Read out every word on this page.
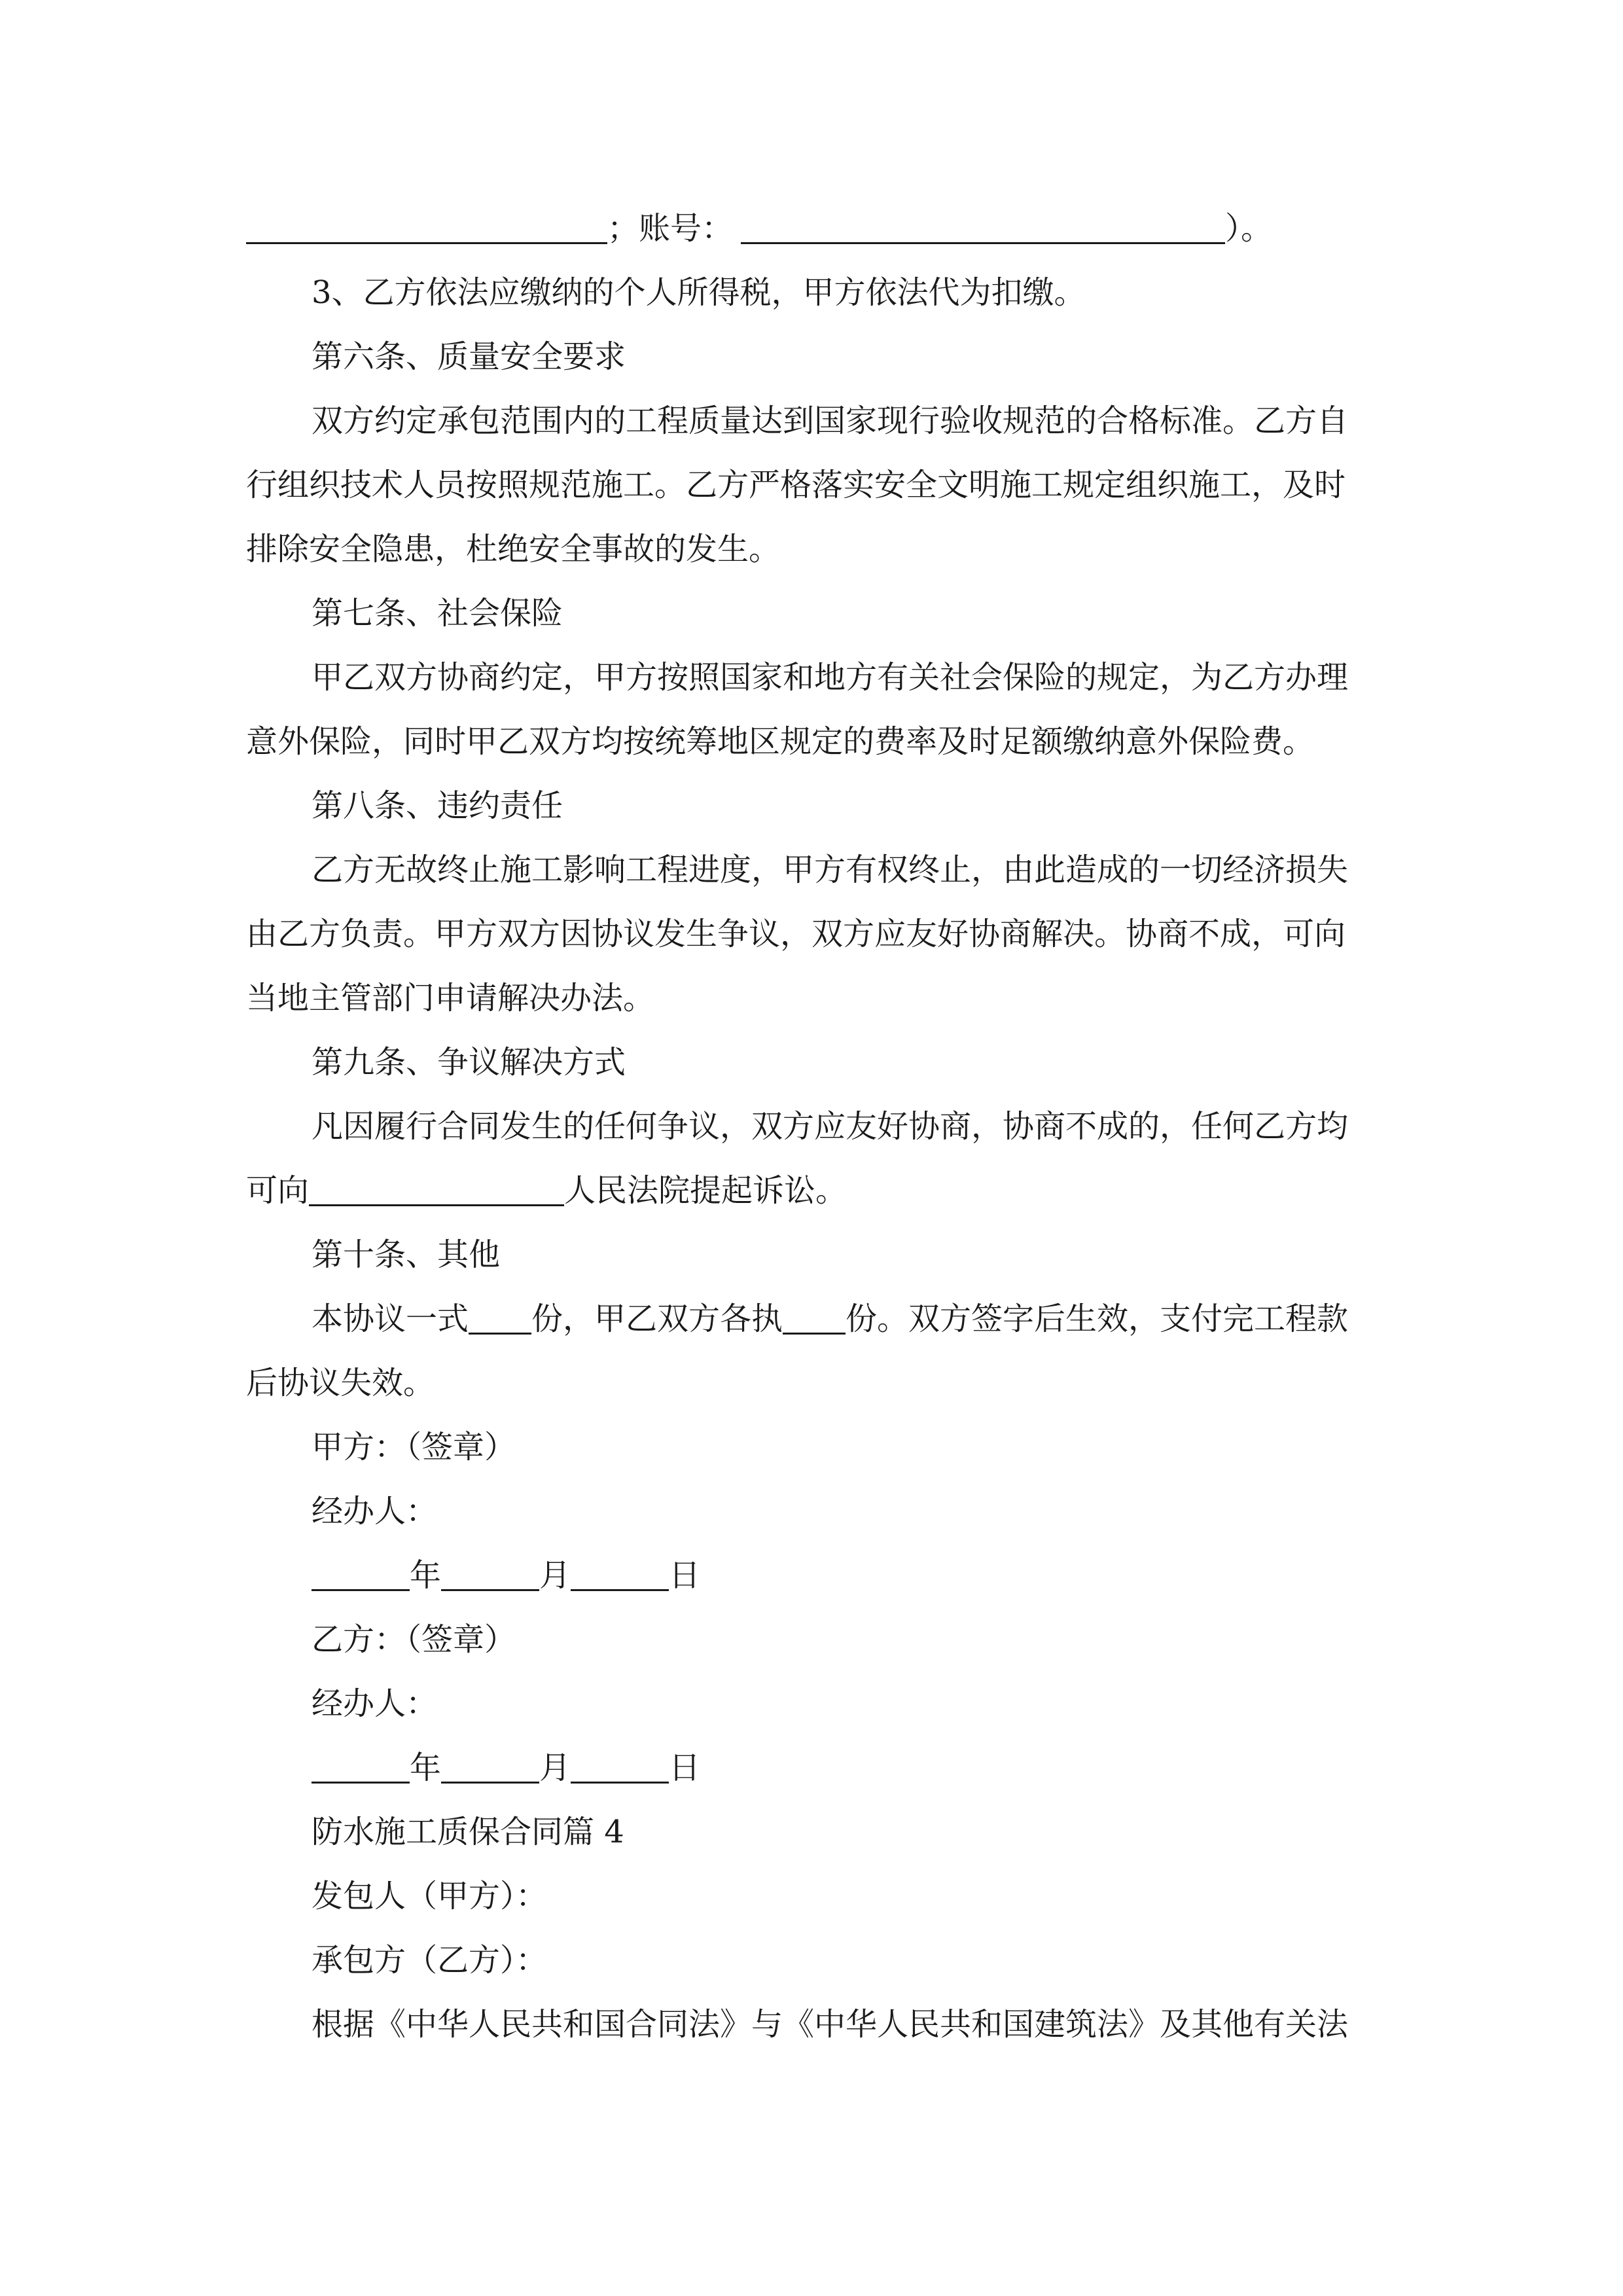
；账号：	）。
3、乙方依法应缴纳的个人所得税，甲方依法代为扣缴。
第六条、质量安全要求
双方约定承包范围内的工程质量达到国家现行验收规范的合格标准。乙方自
行组织技术人员按照规范施工。乙方严格落实安全文明施工规定组织施工，及时
排除安全隐患，杜绝安全事故的发生。
第七条、社会保险
甲乙双方协商约定，甲方按照国家和地方有关社会保险的规定，为乙方办理
意外保险，同时甲乙双方均按统筹地区规定的费率及时足额缴纳意外保险费。
第八条、违约责任
乙方无故终止施工影响工程进度，甲方有权终止，由此造成的一切经济损失
由乙方负责。甲方双方因协议发生争议，双方应友好协商解决。协商不成，可向
当地主管部门申请解决办法。
第九条、争议解决方式
凡因履行合同发生的任何争议，双方应友好协商，协商不成的，任何乙方均
可向	人民法院提起诉讼。
第十条、其他
本协议一式 份，甲乙双方各执 份。双方签字后生效，支付完工程款
后协议失效。
甲方：（签章）
经办人：
年	月	日
乙方：（签章）
经办人：
年	月	日
防水施工质保合同篇 4
发包人（甲方）：
承包方（乙方）：
根据《中华人民共和国合同法》与《中华人民共和国建筑法》及其他有关法
